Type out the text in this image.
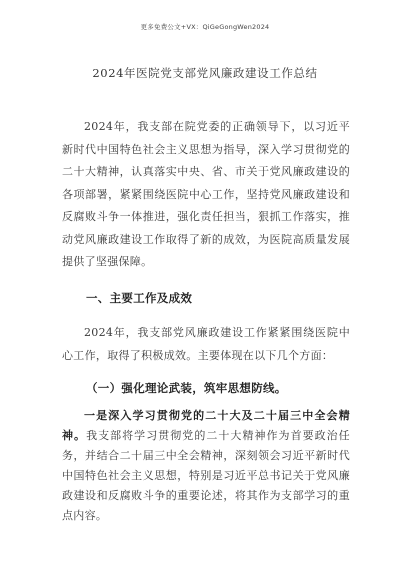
更多免费公文+VX：QiGeGongWen2024
2024年医院党支部党风廉政建设工作总结

2024年，我支部在院党委的正确领导下，以习近平新时代中国特色社会主义思想为指导，深入学习贯彻党的二十大精神，认真落实中央、省、市关于党风廉政建设的各项部署，紧紧围绕医院中心工作，坚持党风廉政建设和反腐败斗争一体推进，强化责任担当，狠抓工作落实，推动党风廉政建设工作取得了新的成效，为医院高质量发展提供了坚强保障。

一、主要工作及成效

2024年，我支部党风廉政建设工作紧紧围绕医院中心工作，取得了积极成效。主要体现在以下几个方面：

（一）强化理论武装，筑牢思想防线。

一是深入学习贯彻党的二十大及二十届三中全会精神。我支部将学习贯彻党的二十大精神作为首要政治任务，并结合二十届三中全会精神，深刻领会习近平新时代中国特色社会主义思想，特别是习近平总书记关于党风廉政建设和反腐败斗争的重要论述，将其作为支部学习的重点内容。
